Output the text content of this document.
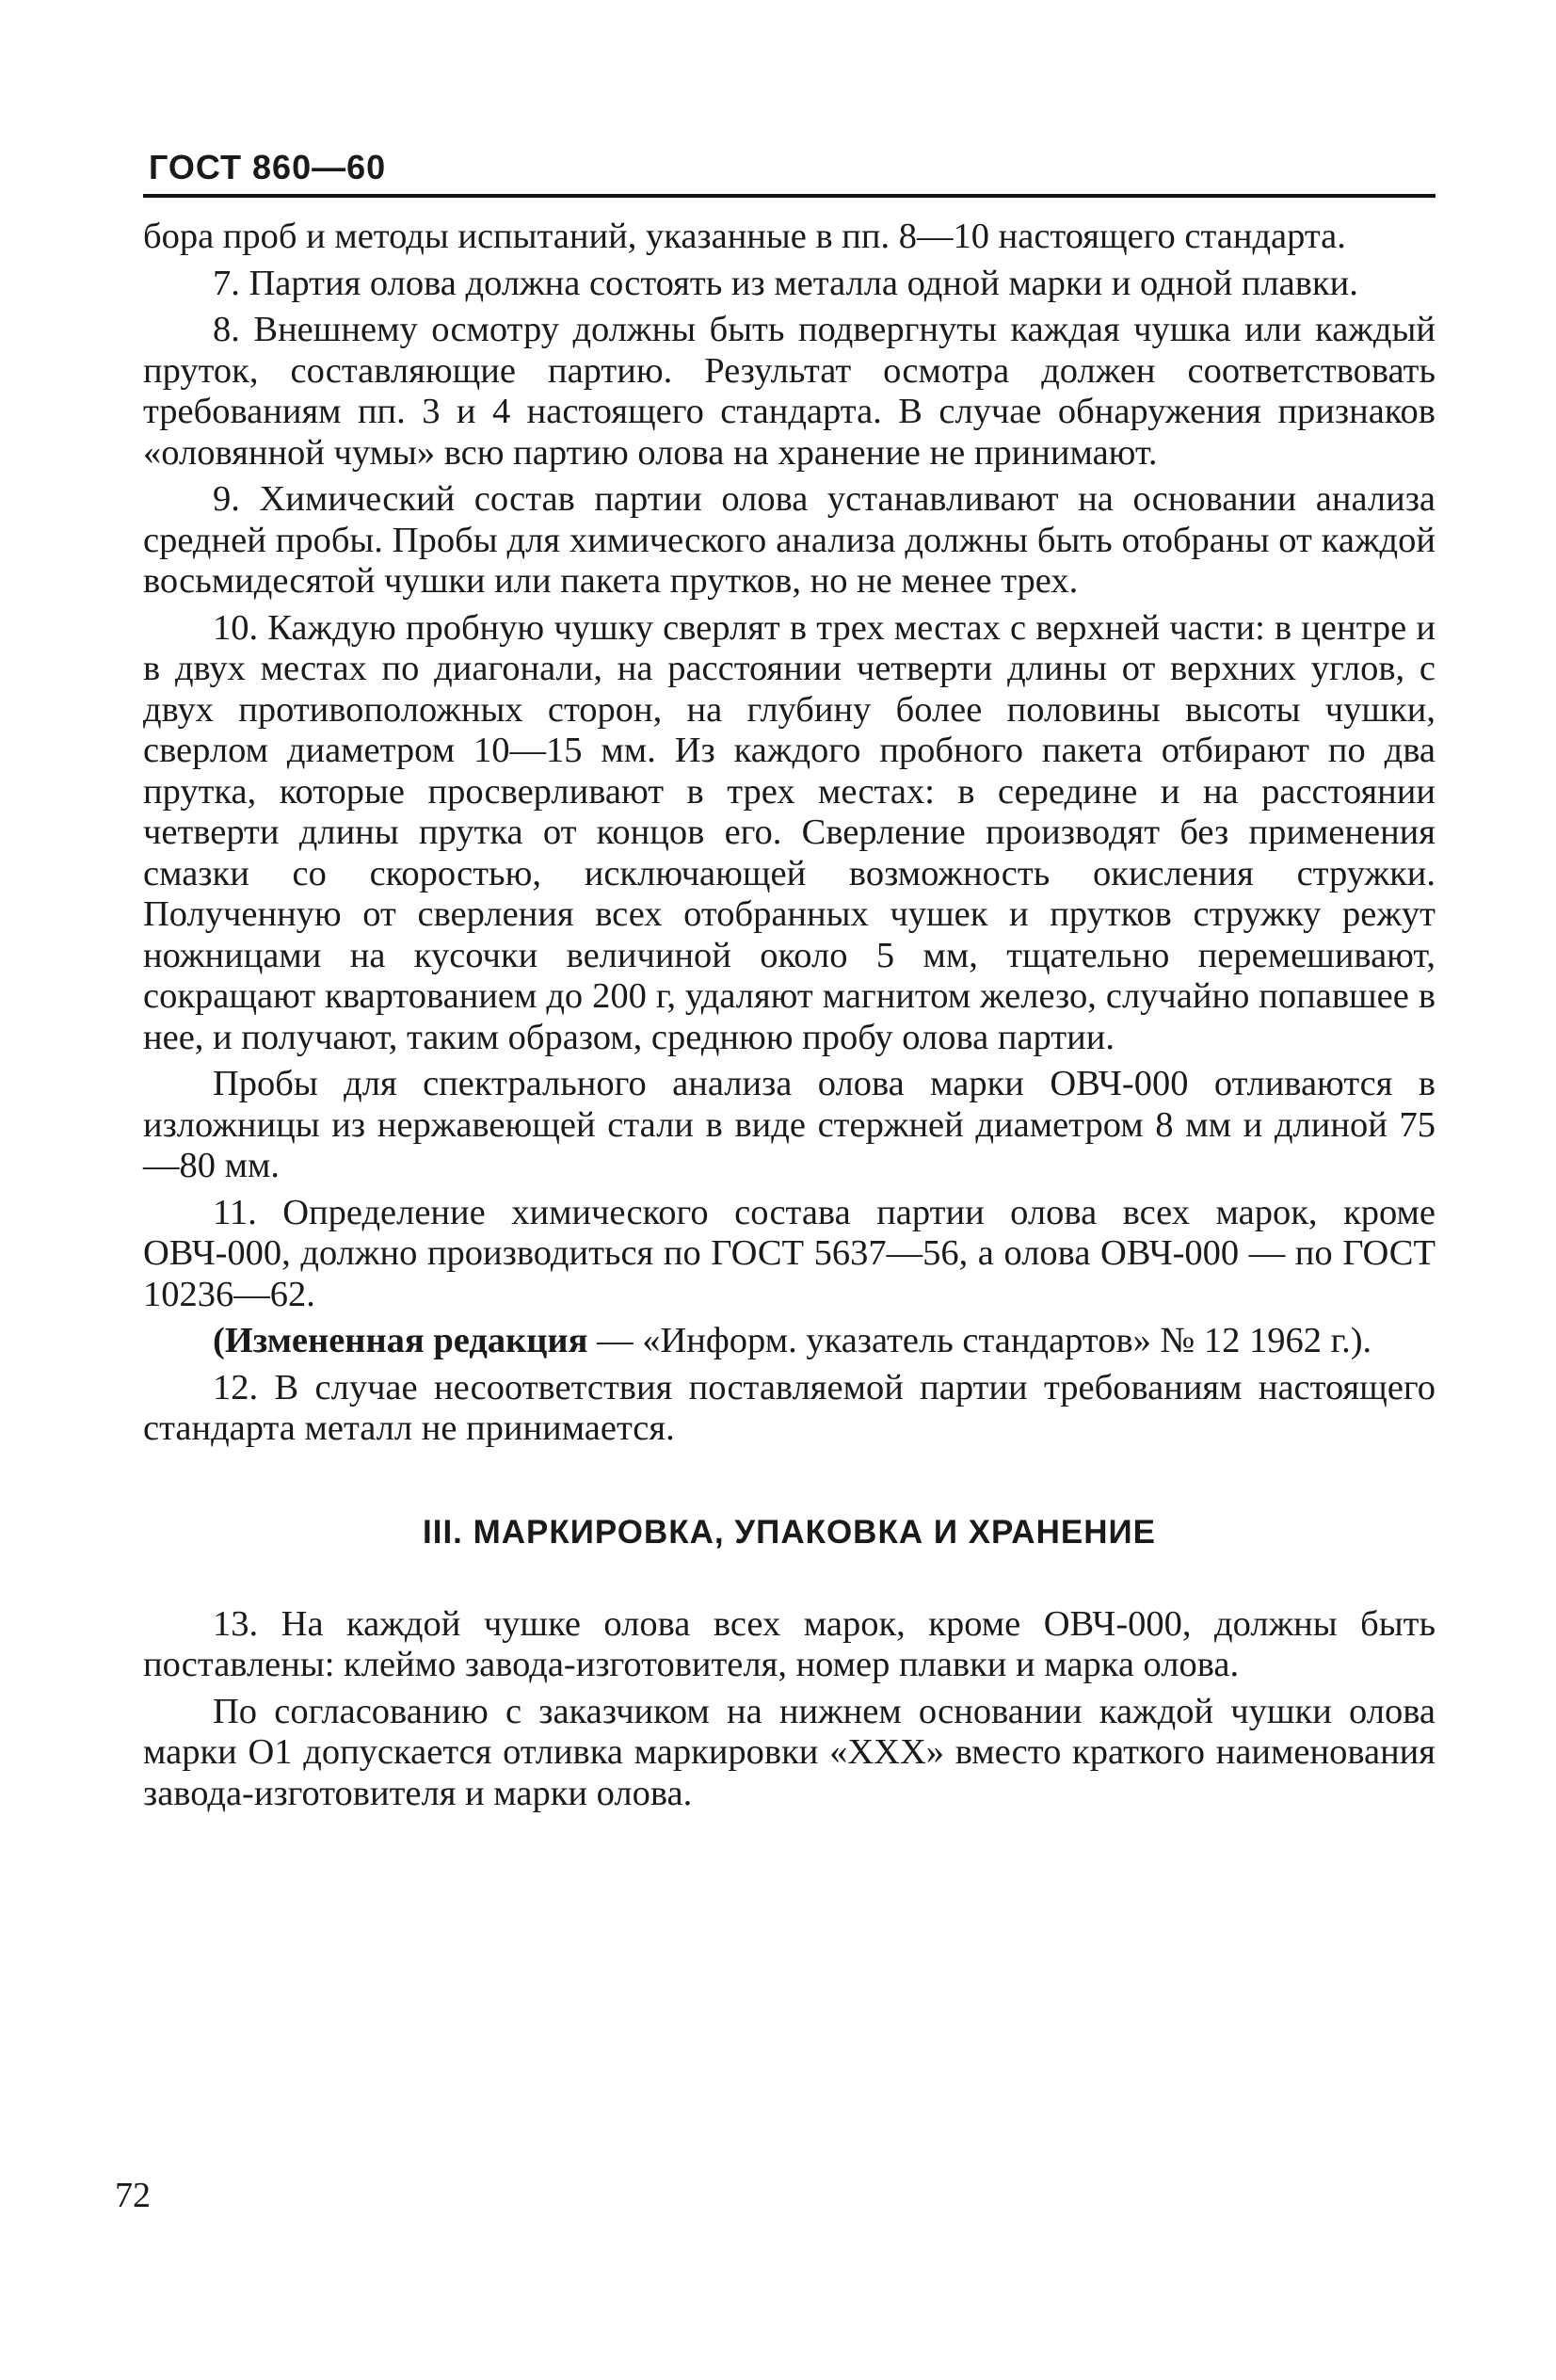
ГОСТ 860—60

бора проб и методы испытаний, указанные в пп. 8—10 настоящего стандарта.

7. Партия олова должна состоять из металла одной марки и одной плавки.

8. Внешнему осмотру должны быть подвергнуты каждая чушка или каждый пруток, составляющие партию. Результат осмотра должен соответствовать требованиям пп. 3 и 4 настоящего стандарта. В случае обнаружения признаков «оловянной чумы» всю партию олова на хранение не принимают.

9. Химический состав партии олова устанавливают на основании анализа средней пробы. Пробы для химического анализа должны быть отобраны от каждой восьмидесятой чушки или пакета прутков, но не менее трех.

10. Каждую пробную чушку сверлят в трех местах с верхней части: в центре и в двух местах по диагонали, на расстоянии четверти длины от верхних углов, с двух противоположных сторон, на глубину более половины высоты чушки, сверлом диаметром 10—15 мм. Из каждого пробного пакета отбирают по два прутка, которые просверливают в трех местах: в середине и на расстоянии четверти длины прутка от концов его. Сверление производят без применения смазки со скоростью, исключающей возможность окисления стружки. Полученную от сверления всех отобранных чушек и прутков стружку режут ножницами на кусочки величиной около 5 мм, тщательно перемешивают, сокращают квартованием до 200 г, удаляют магнитом железо, случайно попавшее в нее, и получают, таким образом, среднюю пробу олова партии.

Пробы для спектрального анализа олова марки ОВЧ-000 отливаются в изложницы из нержавеющей стали в виде стержней диаметром 8 мм и длиной 75—80 мм.

11. Определение химического состава партии олова всех марок, кроме ОВЧ-000, должно производиться по ГОСТ 5637—56, а олова ОВЧ-000 — по ГОСТ 10236—62.

(Измененная редакция — «Информ. указатель стандартов» № 12 1962 г.).

12. В случае несоответствия поставляемой партии требованиям настоящего стандарта металл не принимается.

III. МАРКИРОВКА, УПАКОВКА И ХРАНЕНИЕ

13. На каждой чушке олова всех марок, кроме ОВЧ-000, должны быть поставлены: клеймо завода-изготовителя, номер плавки и марка олова.

По согласованию с заказчиком на нижнем основании каждой чушки олова марки О1 допускается отливка маркировки «XXX» вместо краткого наименования завода-изготовителя и марки олова.

72
